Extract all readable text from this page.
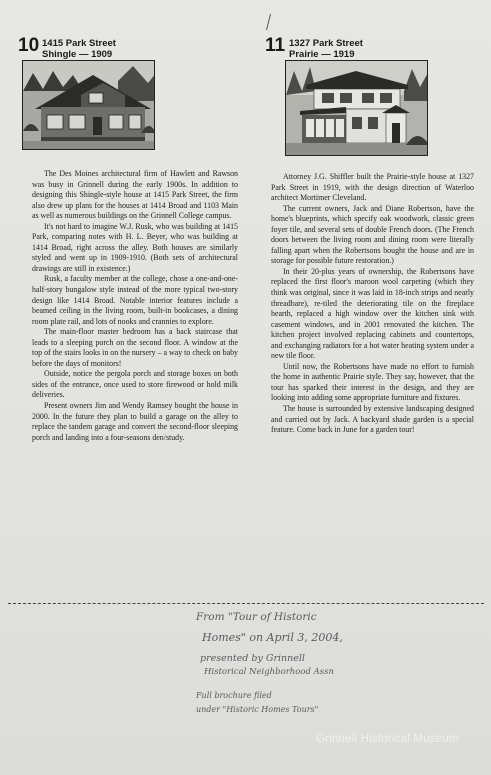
10 1415 Park Street
Shingle — 1909

The Des Moines architectural firm of Hawlett and Rawson was busy in Grinnell during the early 1900s. In addition to designing this Shingle-style house at 1415 Park Street, the firm also drew up plans for the houses at 1414 Broad and 1103 Main as well as numerous buildings on the Grinnell College campus.

It's not hard to imagine W.J. Rusk, who was building at 1415 Park, comparing notes with H. L. Beyer, who was building at 1414 Broad, right across the alley. Both houses are similarly styled and went up in 1909-1910. (Both sets of architectural drawings are still in existence.)

Rusk, a faculty member at the college, chose a one-and-one-half-story bungalow style instead of the more typical two-story design like 1414 Broad. Notable interior features include a beamed ceiling in the living room, built-in bookcases, a dining room plate rail, and lots of nooks and crannies to explore.

The main-floor master bedroom has a back staircase that leads to a sleeping porch on the second floor. A window at the top of the stairs looks in on the nursery – a way to check on baby before the days of monitors!

Outside, notice the pergola porch and storage boxes on both sides of the entrance, once used to store firewood or hold milk deliveries.

Present owners Jim and Wendy Ramsey bought the house in 2000. In the future they plan to build a garage on the alley to replace the tandem garage and convert the second-floor sleeping porch and landing into a four-seasons den/study.

11 1327 Park Street
Prairie — 1919

Attorney J.G. Shiffler built the Prairie-style house at 1327 Park Street in 1919, with the design direction of Waterloo architect Mortimer Cleveland.

The current owners, Jack and Diane Robertson, have the home's blueprints, which specify oak woodwork, classic green foyer tile, and several sets of double French doors. (The French doors between the living room and dining room were literally falling apart when the Robertsons bought the house and are in storage for possible future restoration.)

In their 20-plus years of ownership, the Robertsons have replaced the first floor's maroon wool carpeting (which they think was original, since it was laid in 18-inch strips and nearly threadbare), re-tiled the deteriorating tile on the fireplace hearth, replaced a high window over the kitchen sink with casement windows, and in 2001 renovated the kitchen. The kitchen project involved replacing cabinets and countertops, and exchanging radiators for a hot water heating system under a new tile floor.

Until now, the Robertsons have made no effort to furnish the home in authentic Prairie style. They say, however, that the tour has sparked their interest in the design, and they are looking into adding some appropriate furniture and fixtures.

The house is surrounded by extensive landscaping designed and carried out by Jack. A backyard shade garden is a special feature. Come back in June for a garden tour!

From "Tour of Historic
Homes" on April 3, 2004,
presented by Grinnell
Historical Neighborhood Assn
Full brochure filed
under "Historic Homes Tours"
Grinnell Historical Museum
